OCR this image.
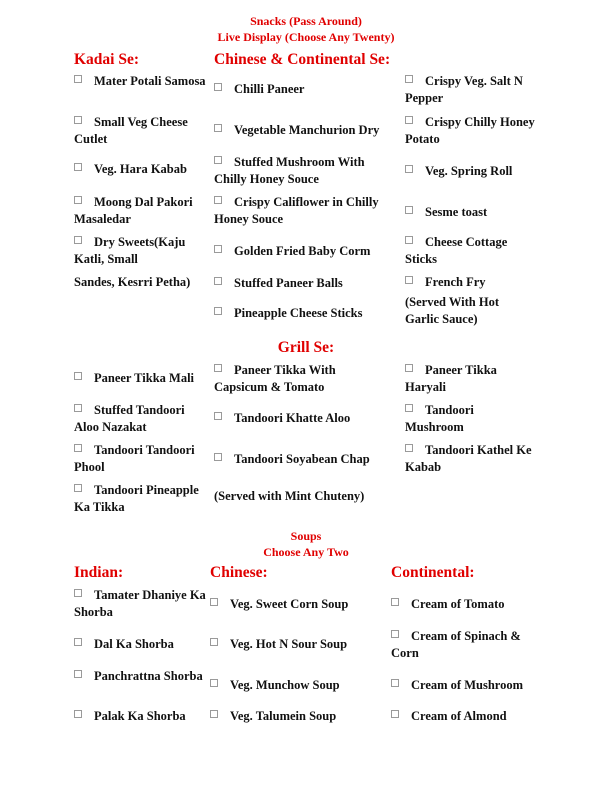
Snacks (Pass Around)
Live Display (Choose Any Twenty)
Kadai Se:	Chinese & Continental Se:
Mater Potali Samosa
Small Veg Cheese Cutlet
Veg. Hara Kabab
Moong Dal Pakori Masaledar
Dry Sweets(Kaju Katli, Small
Sandes, Kesrri Petha)
Chilli Paneer
Vegetable Manchurion Dry
Stuffed Mushroom With Chilly Honey Souce
Crispy Califlower in Chilly Honey Souce
Golden Fried Baby Corm
Stuffed Paneer Balls
Pineapple Cheese Sticks
Crispy Veg. Salt N Pepper
Crispy Chilly Honey Potato
Veg. Spring Roll
Sesme toast
Cheese Cottage Sticks
French Fry
(Served With Hot Garlic Sauce)
Grill Se:
Paneer Tikka Mali
Stuffed Tandoori Aloo Nazakat
Tandoori Tandoori Phool
Tandoori Pineapple Ka Tikka
Paneer Tikka With Capsicum & Tomato
Tandoori Khatte Aloo
Tandoori Soyabean Chap
(Served with Mint Chuteny)
Paneer Tikka Haryali
Tandoori Mushroom
Tandoori Kathel Ke Kabab
Soups
Choose Any Two
Indian:	Chinese:	Continental:
Tamater Dhaniye Ka Shorba
Dal Ka Shorba
Panchrattna Shorba
Palak Ka Shorba
Veg. Sweet Corn Soup
Veg. Hot N Sour Soup
Veg. Munchow Soup
Veg. Talumein Soup
Cream of Tomato
Cream of Spinach & Corn
Cream of Mushroom
Cream of Almond
